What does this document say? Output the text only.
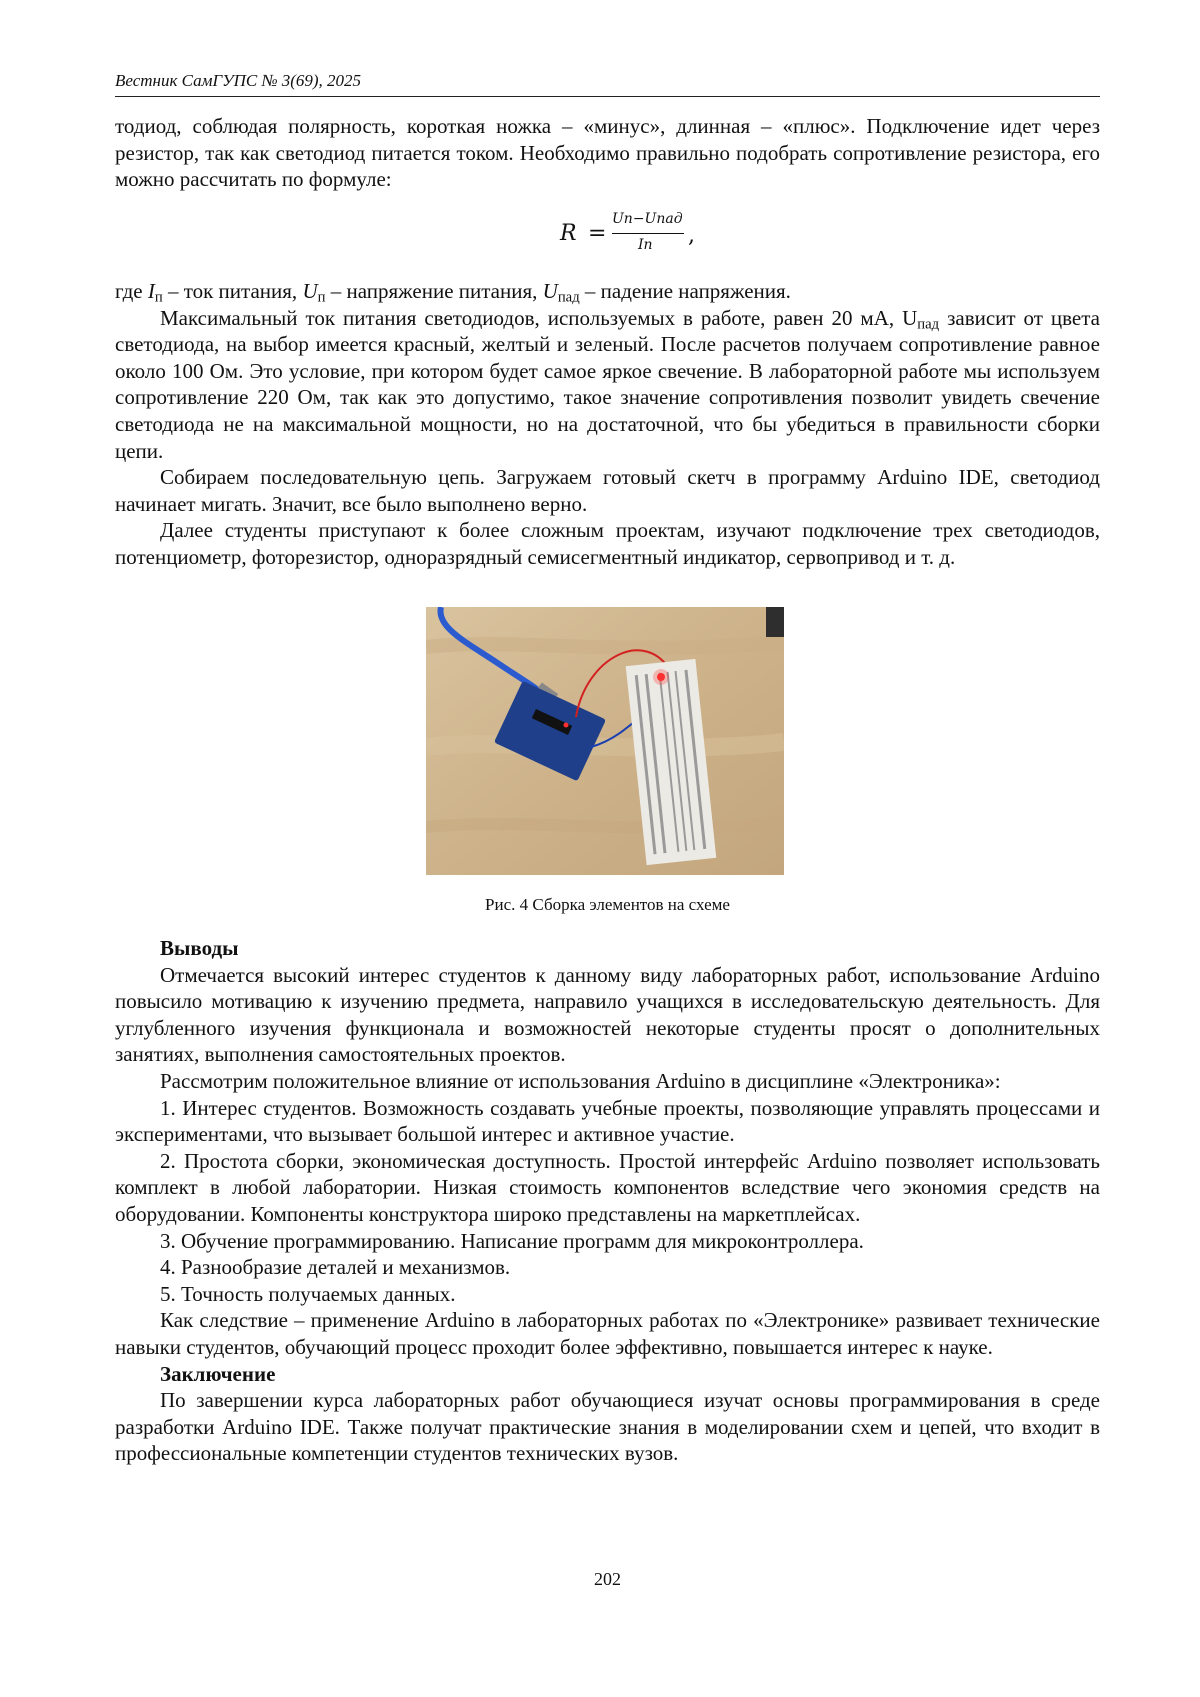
Вестник СамГУПС № 3(69), 2025

тодиод, соблюдая полярность, короткая ножка – «минус», длинная – «плюс». Подключение идет через резистор, так как светодиод питается током. Необходимо правильно подобрать сопротивление резистора, его можно рассчитать по формуле:

R =
Uп−Uпад
Iп ,

где $I_п$ – ток питания, $U_п$ – напряжение питания, $U_{пад}$ – падение напряжения.

Максимальный ток питания светодиодов, используемых в работе, равен 20 мА, $U_{пад}$ зависит от цвета светодиода, на выбор имеется красный, желтый и зеленый. После расчетов получаем сопротивление равное около 100 Ом. Это условие, при котором будет самое яркое свечение. В лабораторной работе мы используем сопротивление 220 Ом, так как это допустимо, такое значение сопротивления позволит увидеть свечение светодиода не на максимальной мощности, но на достаточной, что бы убедиться в правильности сборки цепи.

Собираем последовательную цепь. Загружаем готовый скетч в программу Arduino IDE, светодиод начинает мигать. Значит, все было выполнено верно.

Далее студенты приступают к более сложным проектам, изучают подключение трех светодиодов, потенциометр, фоторезистор, одноразрядный семисегментный индикатор, сервопривод и т. д.

Рис. 4 Сборка элементов на схеме

Выводы

Отмечается высокий интерес студентов к данному виду лабораторных работ, использование Arduino повысило мотивацию к изучению предмета, направило учащихся в исследовательскую деятельность. Для углубленного изучения функционала и возможностей некоторые студенты просят о дополнительных занятиях, выполнения самостоятельных проектов.

Рассмотрим положительное влияние от использования Arduino в дисциплине «Электроника»:

1. Интерес студентов. Возможность создавать учебные проекты, позволяющие управлять процессами и экспериментами, что вызывает большой интерес и активное участие.

2. Простота сборки, экономическая доступность. Простой интерфейс Arduino позволяет использовать комплект в любой лаборатории. Низкая стоимость компонентов вследствие чего экономия средств на оборудовании. Компоненты конструктора широко представлены на маркетплейсах.

3. Обучение программированию. Написание программ для микроконтроллера.

4. Разнообразие деталей и механизмов.

5. Точность получаемых данных.

Как следствие – применение Arduino в лабораторных работах по «Электронике» развивает технические навыки студентов, обучающий процесс проходит более эффективно, повышается интерес к науке.

Заключение

По завершении курса лабораторных работ обучающиеся изучат основы программирования в среде разработки Arduino IDE. Также получат практические знания в моделировании схем и цепей, что входит в профессиональные компетенции студентов технических вузов.

202
